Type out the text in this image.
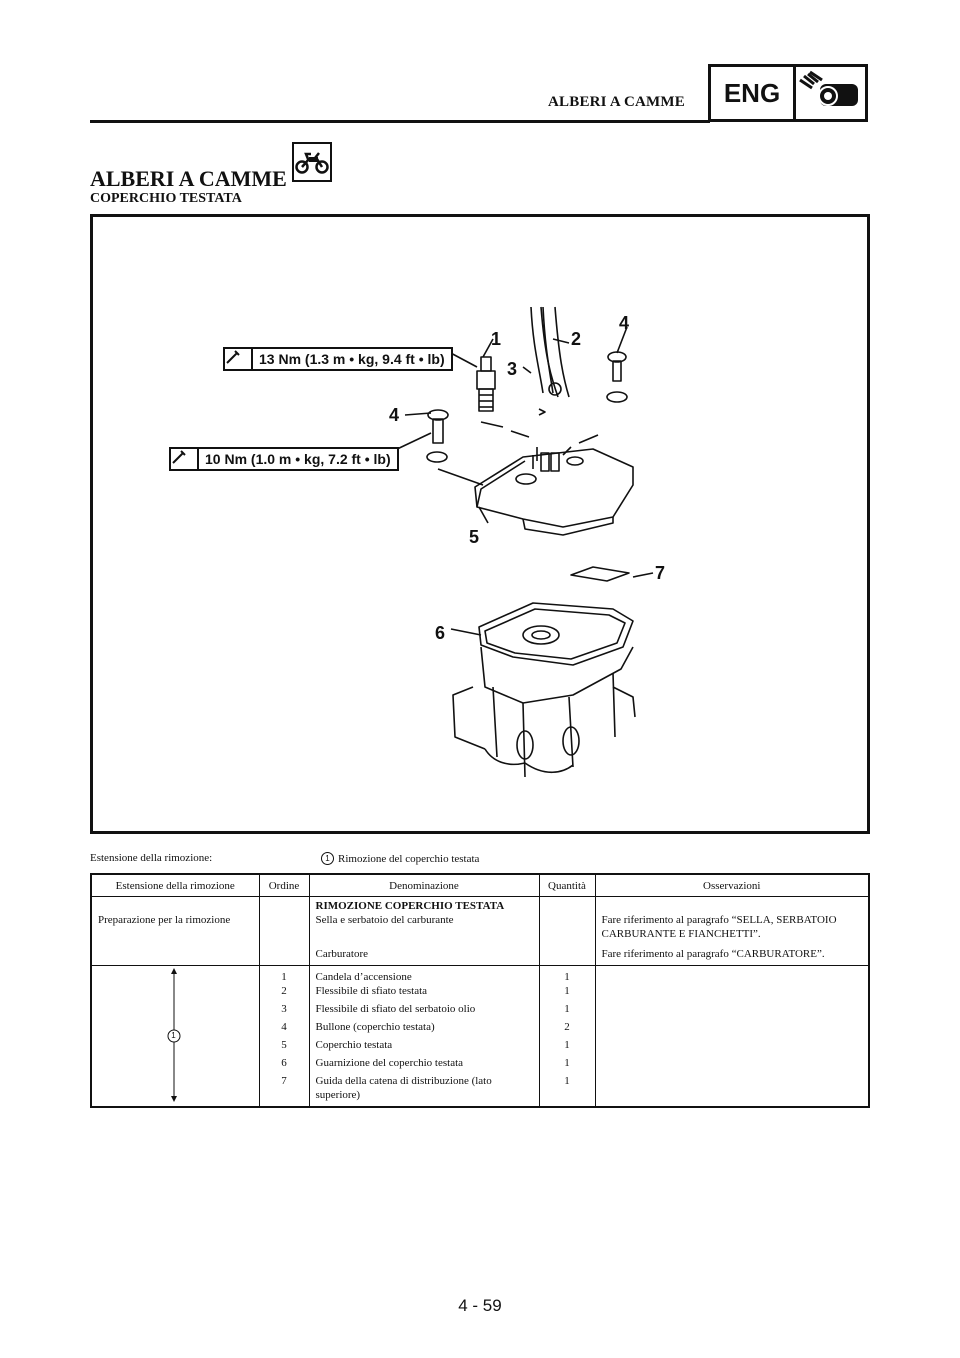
ALBERI A CAMME	ENG
ALBERI A CAMME
COPERCHIO TESTATA
13 Nm (1.3 m • kg, 9.4 ft • lb)
10 Nm (1.0 m • kg, 7.2 ft • lb)
1	2
3
4
4
5
7
6
Estensione della rimozione:	1 Rimozione del coperchio testata
Estensione della rimozione	Ordine	Denominazione	Quantità	Osservazioni
		RIMOZIONE COPERCHIO TESTATA		
Preparazione per la rimozione		Sella e serbatoio del carburante		Fare riferimento al paragrafo “SELLA, SERBATOIO CARBURANTE E FIANCHETTI”.
		Carburatore		Fare riferimento al paragrafo “CARBURATORE”.

1	1	Candela d’accensione	1	
	2	Flessibile di sfiato testata	1	
	3	Flessibile di sfiato del serbatoio olio	1	
	4	Bullone (coperchio testata)	2	
	5	Coperchio testata	1	
	6	Guarnizione del coperchio testata	1	
	7	Guida della catena di distribuzione (lato superiore)	1	
4 - 59
